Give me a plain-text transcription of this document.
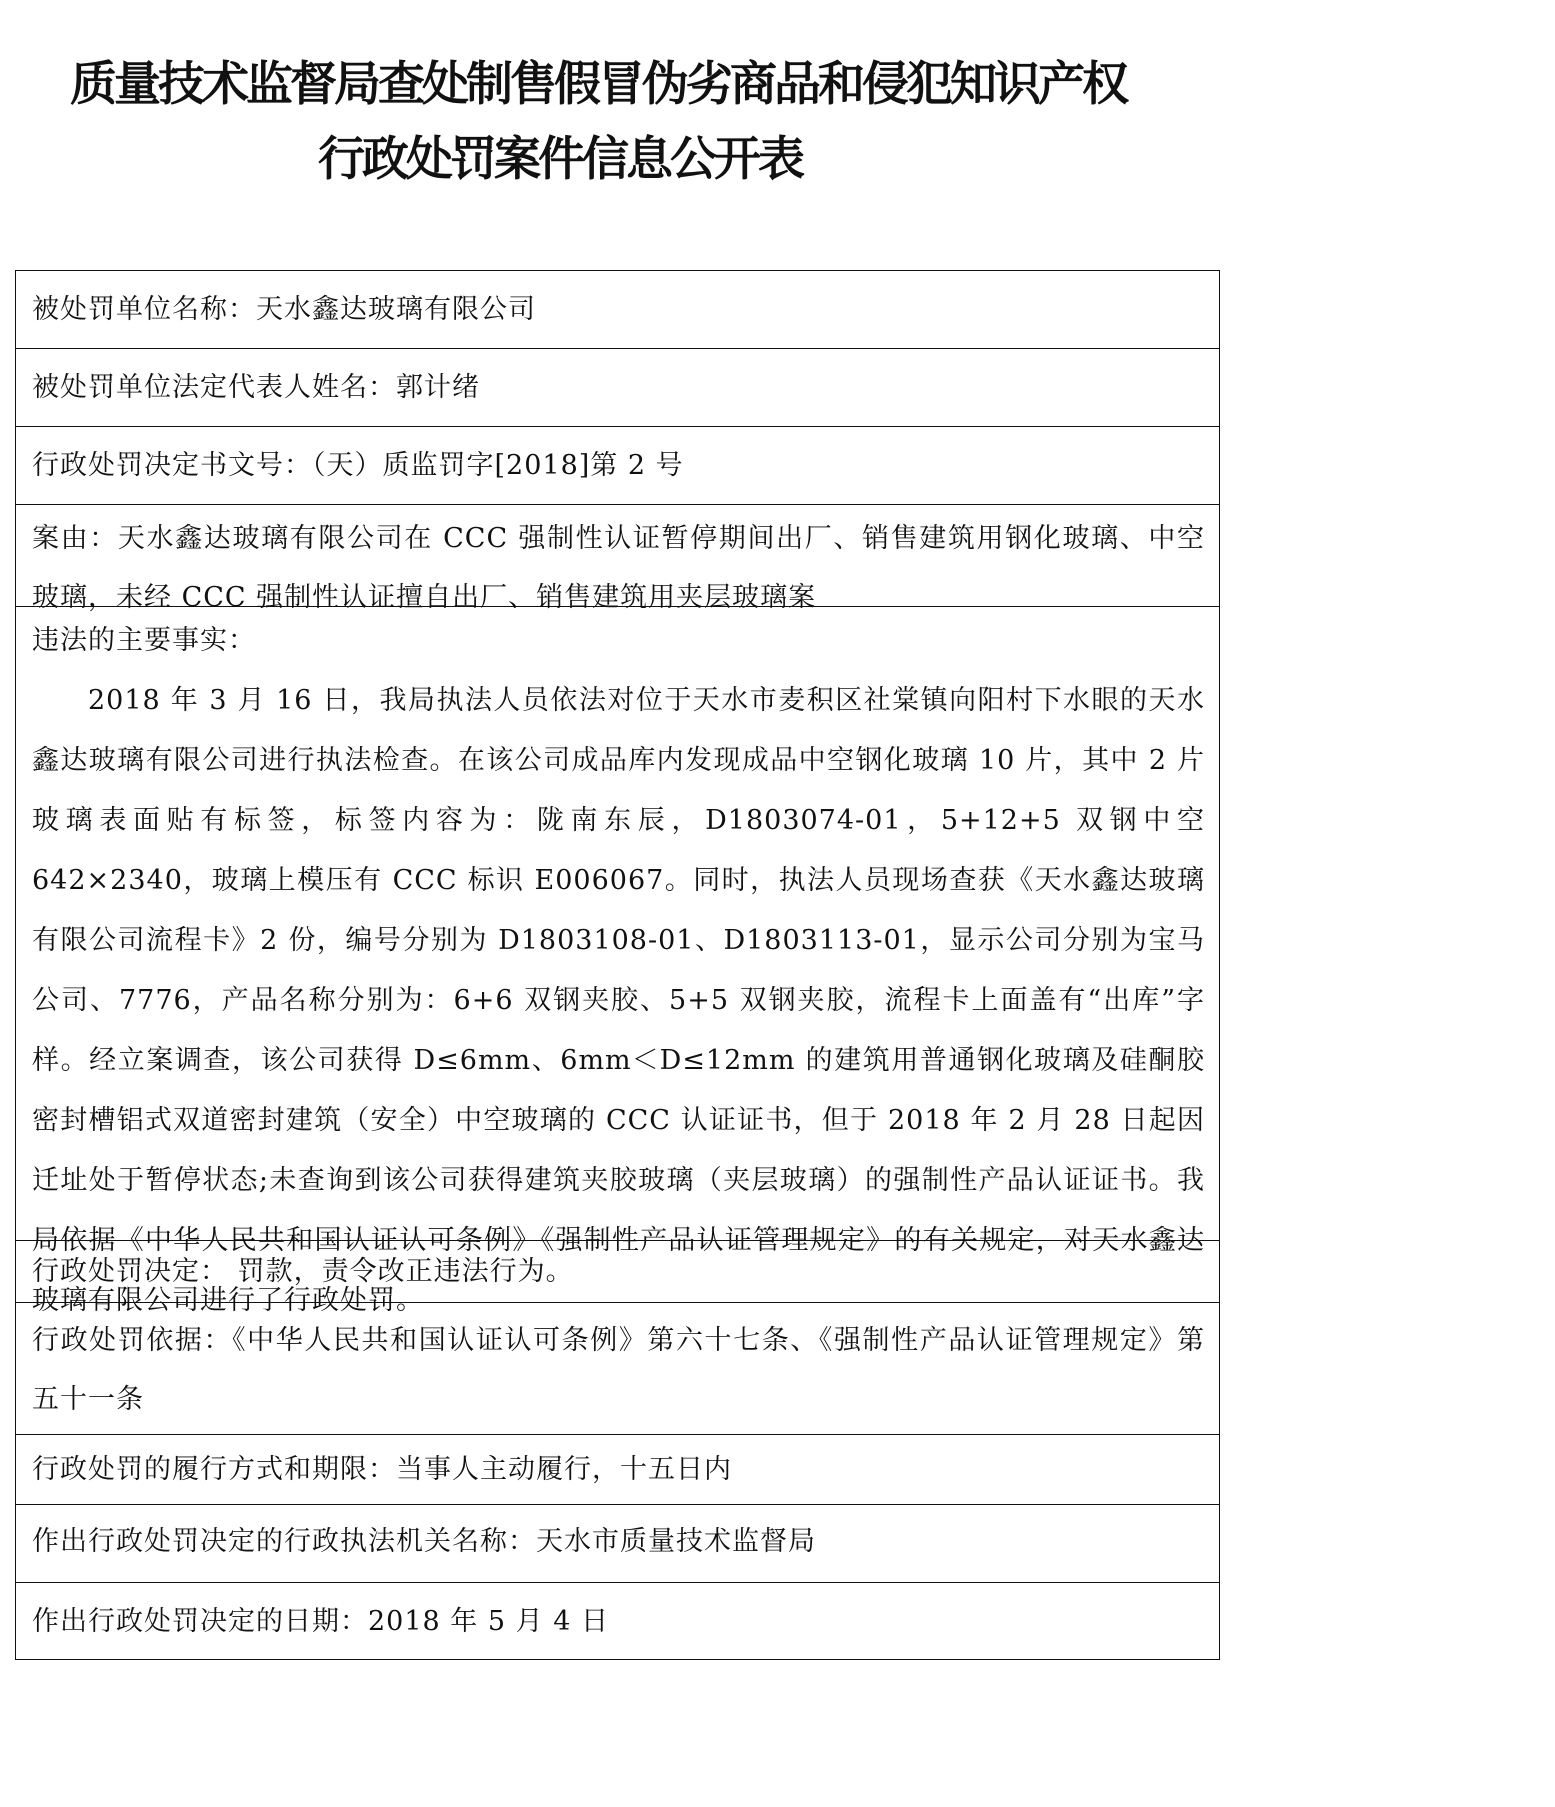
质量技术监督局查处制售假冒伪劣商品和侵犯知识产权
行政处罚案件信息公开表
被处罚单位名称：天水鑫达玻璃有限公司
被处罚单位法定代表人姓名：郭计绪
行政处罚决定书文号：（天）质监罚字[2018]第 2 号
案由：天水鑫达玻璃有限公司在 CCC 强制性认证暂停期间出厂、销售建筑用钢化玻璃、中空玻璃，未经 CCC 强制性认证擅自出厂、销售建筑用夹层玻璃案
违法的主要事实：
2018 年 3 月 16 日，我局执法人员依法对位于天水市麦积区社棠镇向阳村下水眼的天水鑫达玻璃有限公司进行执法检查。在该公司成品库内发现成品中空钢化玻璃 10 片，其中 2 片玻璃表面贴有标签，标签内容为：陇南东辰，D1803074-01，5+12+5 双钢中空 642×2340，玻璃上模压有 CCC 标识 E006067。同时，执法人员现场查获《天水鑫达玻璃有限公司流程卡》2 份，编号分别为 D1803108-01、D1803113-01，显示公司分别为宝马公司、7776，产品名称分别为：6+6 双钢夹胶、5+5 双钢夹胶，流程卡上面盖有“出库”字样。经立案调查，该公司获得 D≤6mm、6mm＜D≤12mm 的建筑用普通钢化玻璃及硅酮胶密封槽铝式双道密封建筑（安全）中空玻璃的 CCC 认证证书，但于 2018 年 2 月 28 日起因迁址处于暂停状态;未查询到该公司获得建筑夹胶玻璃（夹层玻璃）的强制性产品认证证书。我局依据《中华人民共和国认证认可条例》《强制性产品认证管理规定》的有关规定，对天水鑫达玻璃有限公司进行了行政处罚。
行政处罚决定： 罚款，责令改正违法行为。
行政处罚依据：《中华人民共和国认证认可条例》第六十七条、《强制性产品认证管理规定》第五十一条
行政处罚的履行方式和期限：当事人主动履行，十五日内
作出行政处罚决定的行政执法机关名称：天水市质量技术监督局
作出行政处罚决定的日期：2018 年 5 月 4 日
